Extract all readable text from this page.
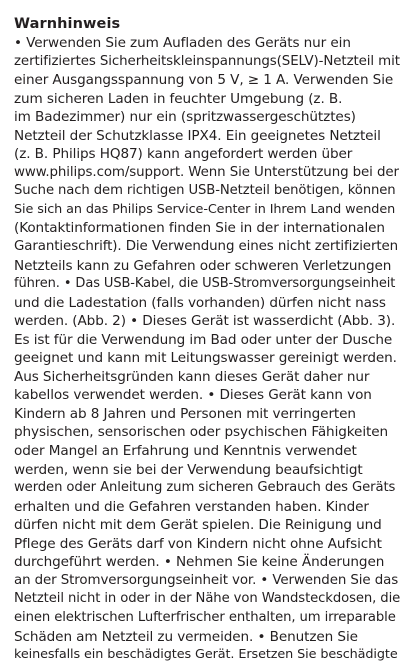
Warnhinweis

• Verwenden Sie zum Aufladen des Geräts nur ein

zertifiziertes Sicherheitskleinspannungs(SELV)-Netzteil mit

einer Ausgangsspannung von 5 V, ≥ 1 A. Verwenden Sie

zum sicheren Laden in feuchter Umgebung (z. B.

im Badezimmer) nur ein (spritzwassergeschütztes)

Netzteil der Schutzklasse IPX4. Ein geeignetes Netzteil

(z. B. Philips HQ87) kann angefordert werden über

www.philips.com/support. Wenn Sie Unterstützung bei der

Suche nach dem richtigen USB-Netzteil benötigen, können

Sie sich an das Philips Service-Center in Ihrem Land wenden

(Kontaktinformationen finden Sie in der internationalen

Garantieschrift). Die Verwendung eines nicht zertifizierten

Netzteils kann zu Gefahren oder schweren Verletzungen

führen. • Das USB-Kabel, die USB-Stromversorgungseinheit

und die Ladestation (falls vorhanden) dürfen nicht nass

werden. (Abb. 2) • Dieses Gerät ist wasserdicht (Abb. 3).

Es ist für die Verwendung im Bad oder unter der Dusche

geeignet und kann mit Leitungswasser gereinigt werden.

Aus Sicherheitsgründen kann dieses Gerät daher nur

kabellos verwendet werden. • Dieses Gerät kann von

Kindern ab 8 Jahren und Personen mit verringerten

physischen, sensorischen oder psychischen Fähigkeiten

oder Mangel an Erfahrung und Kenntnis verwendet

werden, wenn sie bei der Verwendung beaufsichtigt

werden oder Anleitung zum sicheren Gebrauch des Geräts

erhalten und die Gefahren verstanden haben. Kinder

dürfen nicht mit dem Gerät spielen. Die Reinigung und

Pflege des Geräts darf von Kindern nicht ohne Aufsicht

durchgeführt werden. • Nehmen Sie keine Änderungen

an der Stromversorgungseinheit vor. • Verwenden Sie das

Netzteil nicht in oder in der Nähe von Wandsteckdosen, die

einen elektrischen Lufterfrischer enthalten, um irreparable

Schäden am Netzteil zu vermeiden. • Benutzen Sie

keinesfalls ein beschädigtes Gerät. Ersetzen Sie beschädigte
